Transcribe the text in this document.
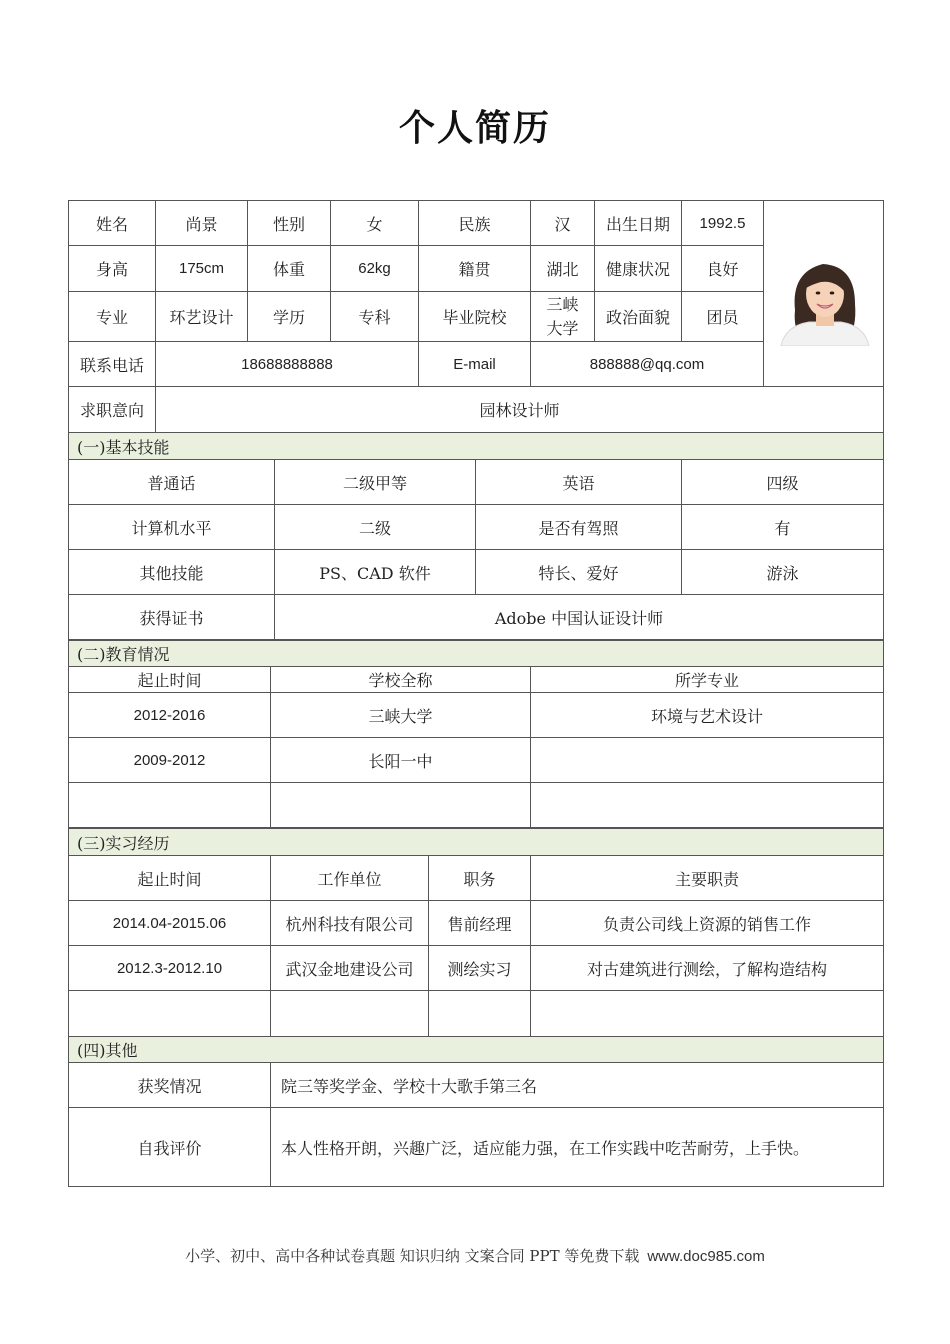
个人简历
姓名	尚景	性别	女	民族	汉	出生日期	1992.5	

身高	175cm	体重	62kg	籍贯	湖北	健康状况	良好	
专业	环艺设计	学历	专科	毕业院校	三峡大学	政治面貌	团员	
联系电话	18688888888			E-mail	888888@qq.com			
求职意向	园林设计师							
(一)基本技能			
普通话	二级甲等	英语	四级
计算机水平	二级	是否有驾照	有
其他技能	PS、CAD 软件	特长、爱好	游泳
获得证书	Adobe 中国认证设计师		
(二)教育情况		
起止时间	学校全称	所学专业
2012-2016	三峡大学	环境与艺术设计
2009-2012	长阳一中	

(三)实习经历			
起止时间	工作单位	职务	主要职责
2014.04-2015.06	杭州科技有限公司	售前经理	负责公司线上资源的销售工作
2012.3-2012.10	武汉金地建设公司	测绘实习	对古建筑进行测绘，了解构造结构

(四)其他	
获奖情况	院三等奖学金、学校十大歌手第三名
自我评价	本人性格开朗，兴趣广泛，适应能力强，在工作实践中吃苦耐劳，上手快。
小学、初中、高中各种试卷真题 知识归纳 文案合同 PPT 等免费下载 www.doc985.com
